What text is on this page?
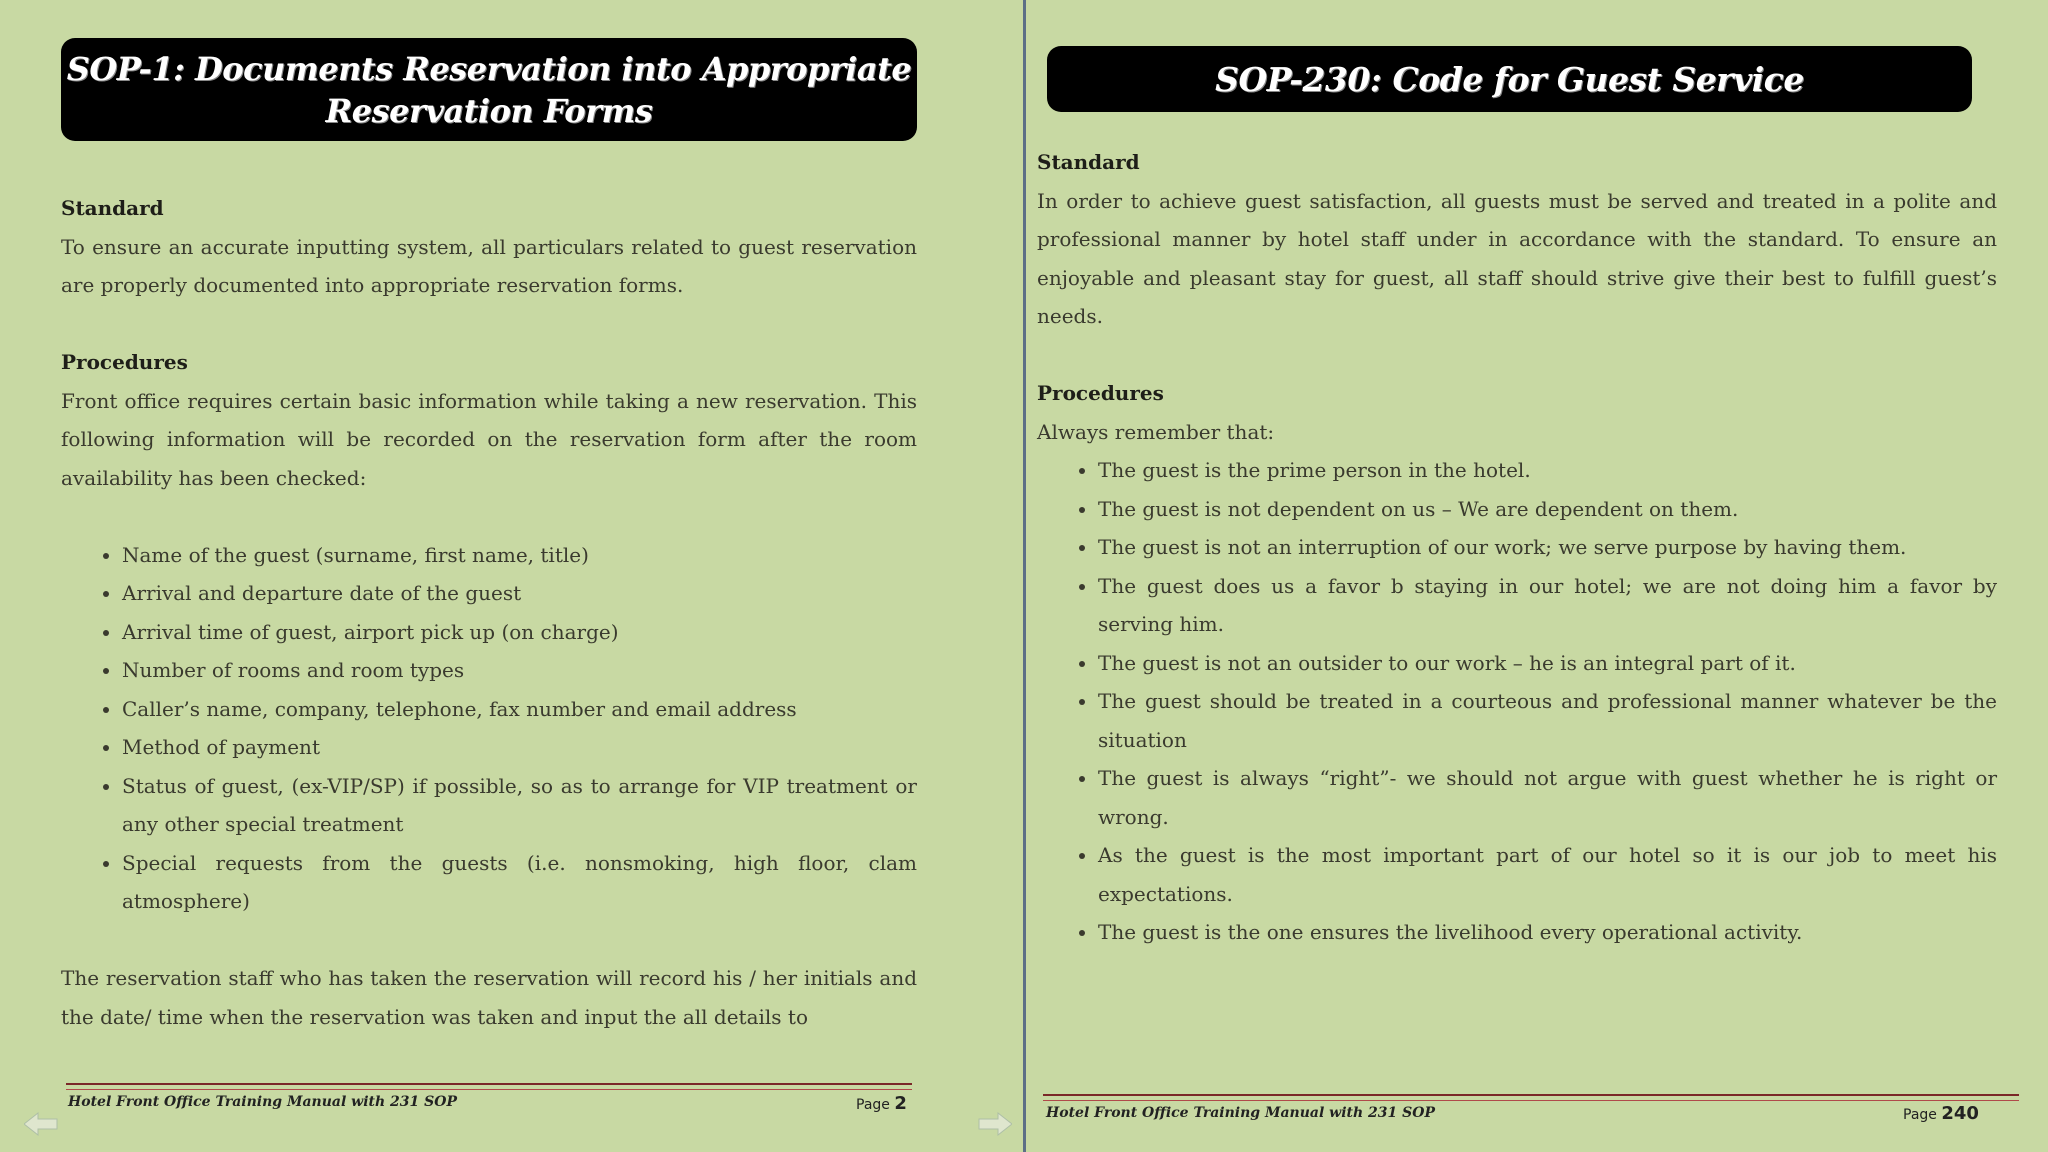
SOP-1: Documents Reservation into Appropriate Reservation Forms

Standard

To ensure an accurate inputting system, all particulars related to guest reservation are properly documented into appropriate reservation forms.

Procedures

Front office requires certain basic information while taking a new reservation. This following information will be recorded on the reservation form after the room availability has been checked:

• Name of the guest (surname, first name, title)
• Arrival and departure date of the guest
• Arrival time of guest, airport pick up (on charge)
• Number of rooms and room types
• Caller’s name, company, telephone, fax number and email address
• Method of payment
• Status of guest, (ex-VIP/SP) if possible, so as to arrange for VIP treatment or any other special treatment
• Special requests from the guests (i.e. nonsmoking, high floor, clam atmosphere)

The reservation staff who has taken the reservation will record his / her initials and the date/ time when the reservation was taken and input the all details to

Hotel Front Office Training Manual with 231 SOP	Page 2
SOP-230: Code for Guest Service

Standard

In order to achieve guest satisfaction, all guests must be served and treated in a polite and professional manner by hotel staff under in accordance with the standard. To ensure an enjoyable and pleasant stay for guest, all staff should strive give their best to fulfill guest’s needs.

Procedures

Always remember that:

• The guest is the prime person in the hotel.
• The guest is not dependent on us – We are dependent on them.
• The guest is not an interruption of our work; we serve purpose by having them.
• The guest does us a favor b staying in our hotel; we are not doing him a favor by serving him.
• The guest is not an outsider to our work – he is an integral part of it.
• The guest should be treated in a courteous and professional manner whatever be the situation
• The guest is always “right”- we should not argue with guest whether he is right or wrong.
• As the guest is the most important part of our hotel so it is our job to meet his expectations.
• The guest is the one ensures the livelihood every operational activity.
Hotel Front Office Training Manual with 231 SOP	Page 240
